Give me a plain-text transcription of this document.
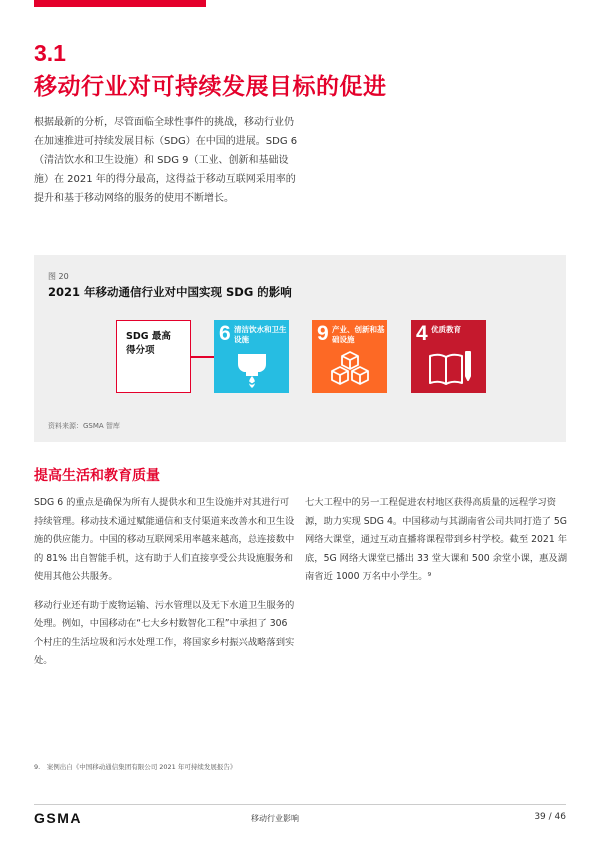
3.1
移动行业对可持续发展目标的促进

根据最新的分析，尽管面临全球性事件的挑战，移动行业仍在加速推进可持续发展目标（SDG）在中国的进展。SDG 6（清洁饮水和卫生设施）和 SDG 9（工业、创新和基础设施）在 2021 年的得分最高，这得益于移动互联网采用率的提升和基于移动网络的服务的使用不断增长。

图 20
2021 年移动通信行业对中国实现 SDG 的影响
SDG 最高
得分项
6 清洁饮水和卫生设施	9 产业、创新和基础设施	4 优质教育
资料来源：GSMA 智库
提高生活和教育质量

SDG 6 的重点是确保为所有人提供水和卫生设施并对其进行可持续管理。移动技术通过赋能通信和支付渠道来改善水和卫生设施的供应能力。中国的移动互联网采用率越来越高，总连接数中的 81% 出自智能手机，这有助于人们直接享受公共设施服务和使用其他公共服务。

移动行业还有助于废物运输、污水管理以及无下水道卫生服务的处理。例如，中国移动在“七大乡村数智化工程”中承担了 306 个村庄的生活垃圾和污水处理工作，将国家乡村振兴战略落到实处。

七大工程中的另一工程促进农村地区获得高质量的远程学习资源，助力实现 SDG 4。中国移动与其湖南省公司共同打造了 5G 网络大课堂，通过互动直播将课程带到乡村学校。截至 2021 年底，5G 网络大课堂已播出 33 堂大课和 500 余堂小课，惠及湖南省近 1000 万名中小学生。⁹

9.　案例出自《中国移动通信集团有限公司 2021 年可持续发展报告》
GSMA	移动行业影响	39 / 46
